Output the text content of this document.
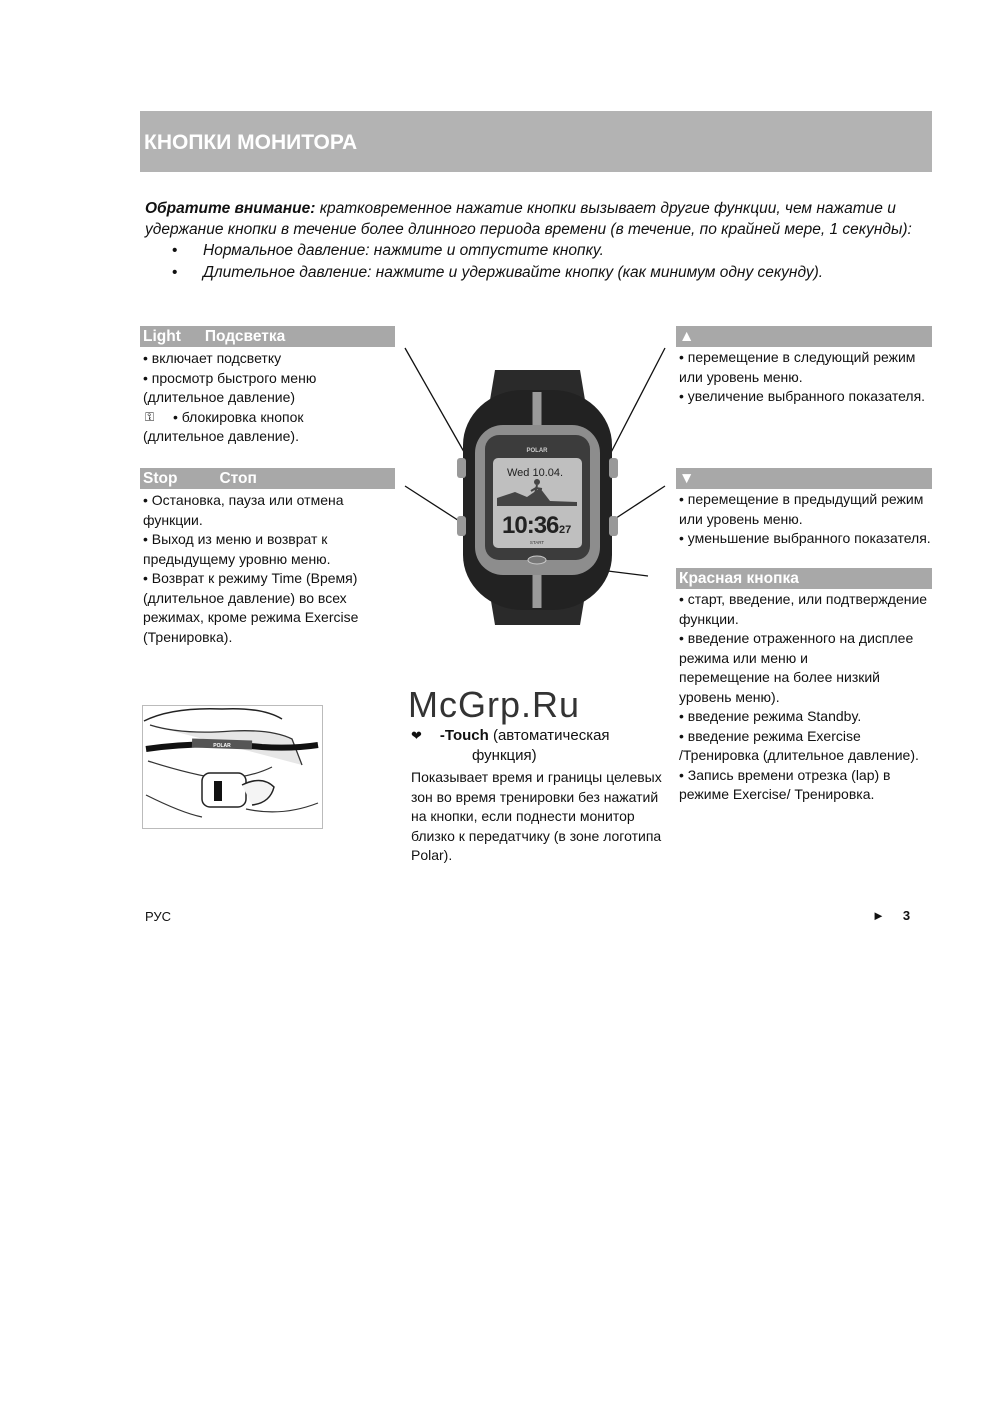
КНОПКИ МОНИТОРА
Обратите внимание: кратковременное нажатие кнопки вызывает другие функции, чем нажатие и удержание кнопки в течение более длинного периода времени (в течение, по крайней мере, 1 секунды):
•	Нормальное давление: нажмите и отпустите кнопку.
•	Длительное давление: нажмите и удерживайте кнопку (как минимум одну секунду).
Light Подсветка

• включает подсветку

• просмотр быстрого меню

(длительное давление)

⚿	• блокировка кнопок

(длительное давление).

Stop	Стоп

• Остановка, пауза или отмена

функции.

• Выход из меню и возврат к

предыдущему уровню меню.

• Возврат к режиму Time (Время)

(длительное давление) во всех

режимах, кроме режима Exercise

(Тренировка).

▲

• перемещение в следующий режим

или уровень меню.

• увеличение выбранного показателя.

▼

• перемещение в предыдущий режим

или уровень меню.

• уменьшение выбранного показателя.

Красная кнопка

• старт, введение, или подтверждение

функции.

• введение отраженного на дисплее

режима или меню и

перемещение на более низкий

уровень меню).

• введение режима Standby.

• введение режима Exercise

/Тренировка (длительное давление).

• Запись времени отрезка (lap) в

режиме Exercise/ Тренировка.

POLAR
Wed 10.04.
10:36 27
START
POLAR
McGrp.Ru
❤ -Touch (автоматическая
функция)
Показывает время и границы целевых зон во время тренировки без нажатий на кнопки, если поднести монитор близко к передатчику (в зоне логотипа Polar).
РУС	► 3
